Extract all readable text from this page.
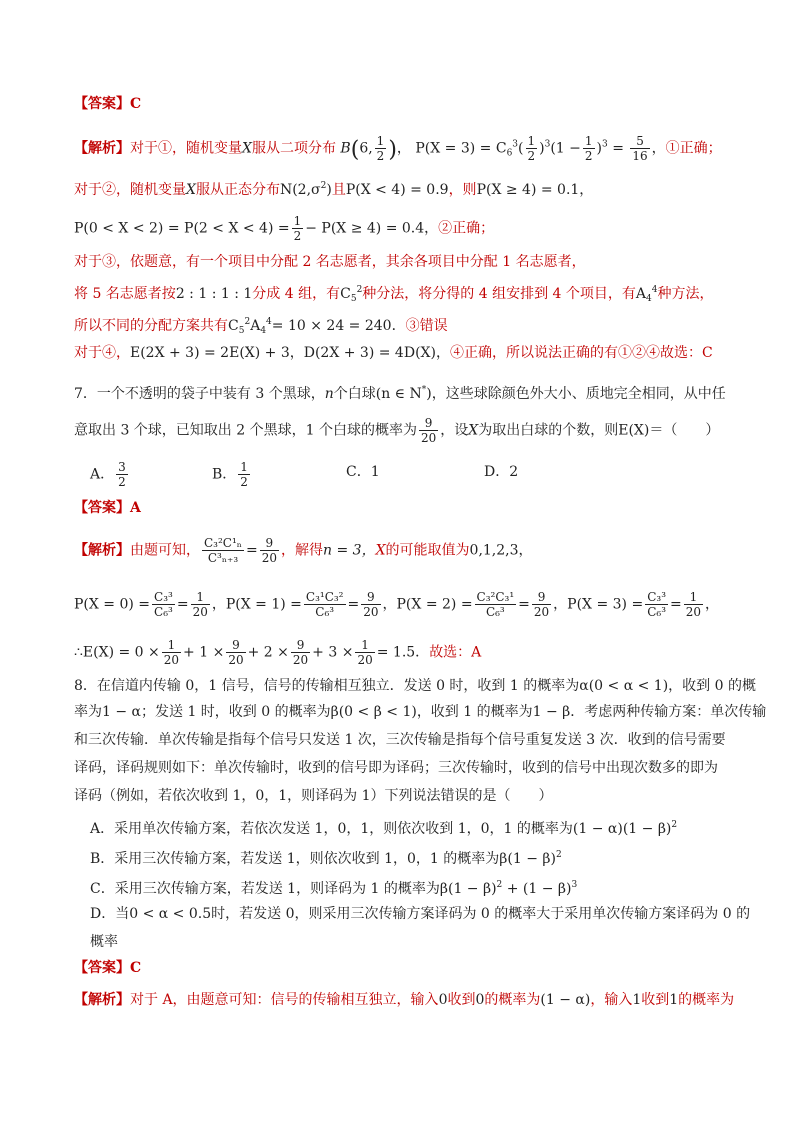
【答案】C
【解析】对于①，随机变量X服从二项分布 B(6, $\frac{1}{2}$ )， $P(X = 3) = C_6^3( \frac{1}{2} )^3(1 - \frac{1}{2} )^3 = \frac{5}{16}$ ，①正确；
对于②，随机变量X服从正态分布$N(2,\sigma^2)$且P(X < 4) = 0.9，则P(X ≥ 4) = 0.1，
$P(0 < X < 2) = P(2 < X < 4) = \frac{1}{2} - P(X \ge 4) = 0.4$，②正确；
对于③，依题意，有一个项目中分配 2 名志愿者，其余各项目中分配 1 名志愿者，
将 5 名志愿者按2 : 1 : 1 : 1分成 4 组，有$C_5^2$种分法，将分得的 4 组安排到 4 个项目，有$A_4^4$种方法，
所以不同的分配方案共有$C_5^2A_4^4= 10 \times 24 = 240$．③错误
对于④，E(2X + 3) = 2E(X) + 3，D(2X + 3) = 4D(X)，④正确，所以说法正确的有①②④故选：C
7．一个不透明的袋子中装有 3 个黑球，n个白球(n ∈ N*)，这些球除颜色外大小、质地完全相同，从中任
意取出 3 个球，已知取出 2 个黑球，1 个白球的概率为 $\frac{9}{20}$ ，设X为取出白球的个数，则E(X)＝（　　）
A． $\frac{3}{2}$	B． $\frac{1}{2}$	C．1	D．2
【答案】A
【解析】由题可知， $\frac{\text{C₃²C¹ₙ}}{\text{C³ₙ₊₃}} = \frac{9}{20}$ ，解得n = 3，X的可能取值为0,1,2,3，
$P(X = 0) = \frac{\text{C₃³}}{\text{C₆³}} = \frac{1}{20}$ ，$P(X = 1) = \frac{\text{C₃¹C₃²}}{\text{C₆³}} = \frac{9}{20}$ ，$P(X = 2) = \frac{\text{C₃²C₃¹}}{\text{C₆³}} = \frac{9}{20}$ ，$P(X = 3) = \frac{\text{C₃³}}{\text{C₆³}} = \frac{1}{20}$ ，
∴E(X) = $0 \times \frac{1}{20} + 1 \times \frac{9}{20} + 2 \times \frac{9}{20} + 3 \times \frac{1}{20} = 1.5$．故选：A
8．在信道内传输 0，1 信号，信号的传输相互独立．发送 0 时，收到 1 的概率为α(0 < α < 1)，收到 0 的概
率为1 − α；发送 1 时，收到 0 的概率为β(0 < β < 1)，收到 1 的概率为1 − β．考虑两种传输方案：单次传输
和三次传输．单次传输是指每个信号只发送 1 次，三次传输是指每个信号重复发送 3 次．收到的信号需要
译码，译码规则如下：单次传输时，收到的信号即为译码；三次传输时，收到的信号中出现次数多的即为
译码（例如，若依次收到 1，0，1，则译码为 1）下列说法错误的是（　　）
A．采用单次传输方案，若依次发送 1，0，1，则依次收到 1，0，1 的概率为$(1 - \alpha)(1 - \beta)^2$
B．采用三次传输方案，若发送 1，则依次收到 1，0，1 的概率为$\beta(1 - \beta)^2$
C．采用三次传输方案，若发送 1，则译码为 1 的概率为$\beta(1 - \beta)^2 + (1 - \beta)^3$
D．当0 < α < 0.5时，若发送 0，则采用三次传输方案译码为 0 的概率大于采用单次传输方案译码为 0 的
概率
【答案】C
【解析】对于 A，由题意可知：信号的传输相互独立，输入0收到0的概率为(1 − α)，输入1收到1的概率为
